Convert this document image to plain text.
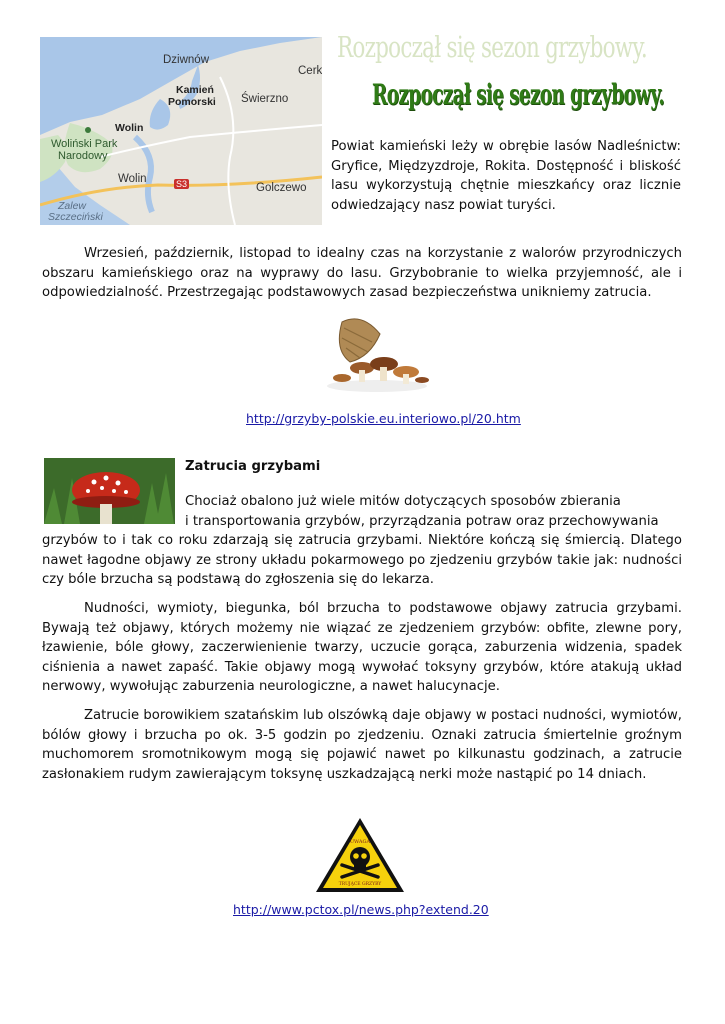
Dziwnów
Cerk
Kamień
Pomorski Świerzno
Wolin
Woliński Park
Narodowy
Wolin	S3	Golczewo
Zalew
Szczeciński
Rozpoczął się sezon grzybowy.
Rozpoczął się sezon grzybowy.
Powiat kamieński leży w obrębie lasów Nadleśnictw: Gryfice, Międzyzdroje, Rokita. Dostępność i bliskość lasu wykorzystują chętnie mieszkańcy oraz licznie odwiedzający nasz powiat turyści.
Wrzesień, październik, listopad to idealny czas na korzystanie z walorów przyrodniczych obszaru kamieńskiego oraz na wyprawy do lasu. Grzybobranie to wielka przyjemność, ale i odpowiedzialność. Przestrzegając podstawowych zasad bezpieczeństwa unikniemy zatrucia.
http://grzyby-polskie.eu.interiowo.pl/20.htm
Zatrucia grzybami
Chociaż obalono już wiele mitów dotyczących sposobów zbierania
i transportowania grzybów, przyrządzania potraw oraz przechowywania
grzybów to i tak co roku zdarzają się zatrucia grzybami. Niektóre kończą się śmiercią. Dlatego nawet łagodne objawy ze strony układu pokarmowego po zjedzeniu grzybów takie jak: nudności czy bóle brzucha są podstawą do zgłoszenia się do lekarza.
Nudności, wymioty, biegunka, ból brzucha to podstawowe objawy zatrucia grzybami. Bywają też objawy, których możemy nie wiązać ze zjedzeniem grzybów: obfite, zlewne pory, łzawienie, bóle głowy, zaczerwienienie twarzy, uczucie gorąca, zaburzenia widzenia, spadek ciśnienia a nawet zapaść. Takie objawy mogą wywołać toksyny grzybów, które atakują układ nerwowy, wywołując zaburzenia neurologiczne, a nawet halucynacje.
Zatrucie borowikiem szatańskim lub olszówką daje objawy w postaci nudności, wymiotów, bólów głowy i brzucha po ok. 3-5 godzin po zjedzeniu. Oznaki zatrucia śmiertelnie groźnym muchomorem sromotnikowym mogą się pojawić nawet po kilkunastu godzinach, a zatrucie zasłonakiem rudym zawierającym toksynę uszkadzającą nerki może nastąpić po 14 dniach.
UWAGA
TRUJĄCE GRZYBY
http://www.pctox.pl/news.php?extend.20
